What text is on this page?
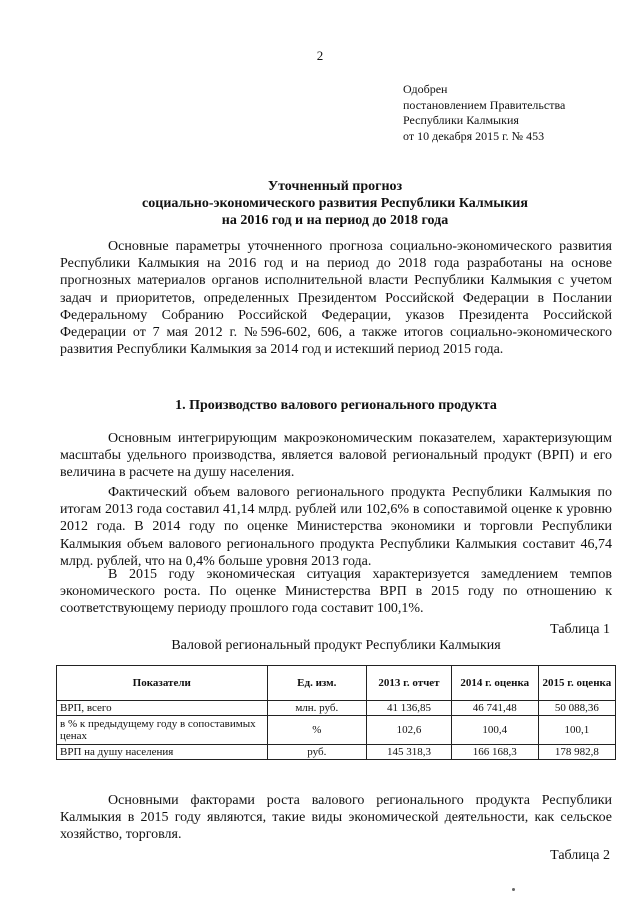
2
Одобрен
постановлением Правительства
Республики Калмыкия
от 10 декабря 2015 г. № 453
Уточненный прогноз
социально-экономического развития Республики Калмыкия
на 2016 год и на период до 2018 года

Основные параметры уточненного прогноза социально-экономического развития Республики Калмыкия на 2016 год и на период до 2018 года разработаны на основе прогнозных материалов органов исполнительной власти Республики Калмыкия с учетом задач и приоритетов, определенных Президентом Российской Федерации в Послании Федеральному Собранию Российской Федерации, указов Президента Российской Федерации от 7 мая 2012 г. №596-602, 606, а также итогов социально-экономического развития Республики Калмыкия за 2014 год и истекший период 2015 года.

1. Производство валового регионального продукта

Основным интегрирующим макроэкономическим показателем, характеризующим масштабы удельного производства, является валовой региональный продукт (ВРП) и его величина в расчете на душу населения.

Фактический объем валового регионального продукта Республики Калмыкия по итогам 2013 года составил 41,14 млрд. рублей или 102,6% в сопоставимой оценке к уровню 2012 года. В 2014 году по оценке Министерства экономики и торговли Республики Калмыкия объем валового регионального продукта Республики Калмыкия составит 46,74 млрд. рублей, что на 0,4% больше уровня 2013 года.

В 2015 году экономическая ситуация характеризуется замедлением темпов экономического роста. По оценке Министерства ВРП в 2015 году по отношению к соответствующему периоду прошлого года составит 100,1%.

Таблица 1
Валовой региональный продукт Республики Калмыкия
Показатели	Ед. изм.	2013 г. отчет	2014 г. оценка	2015 г. оценка
ВРП, всего	млн. руб.	41 136,85	46 741,48	50 088,36
в % к предыдущему году в сопоставимых ценах	%	102,6	100,4	100,1
ВРП на душу населения	руб.	145 318,3	166 168,3	178 982,8

Основными факторами роста валового регионального продукта Республики Калмыкия в 2015 году являются, такие виды экономической деятельности, как сельское хозяйство, торговля.

Таблица 2
